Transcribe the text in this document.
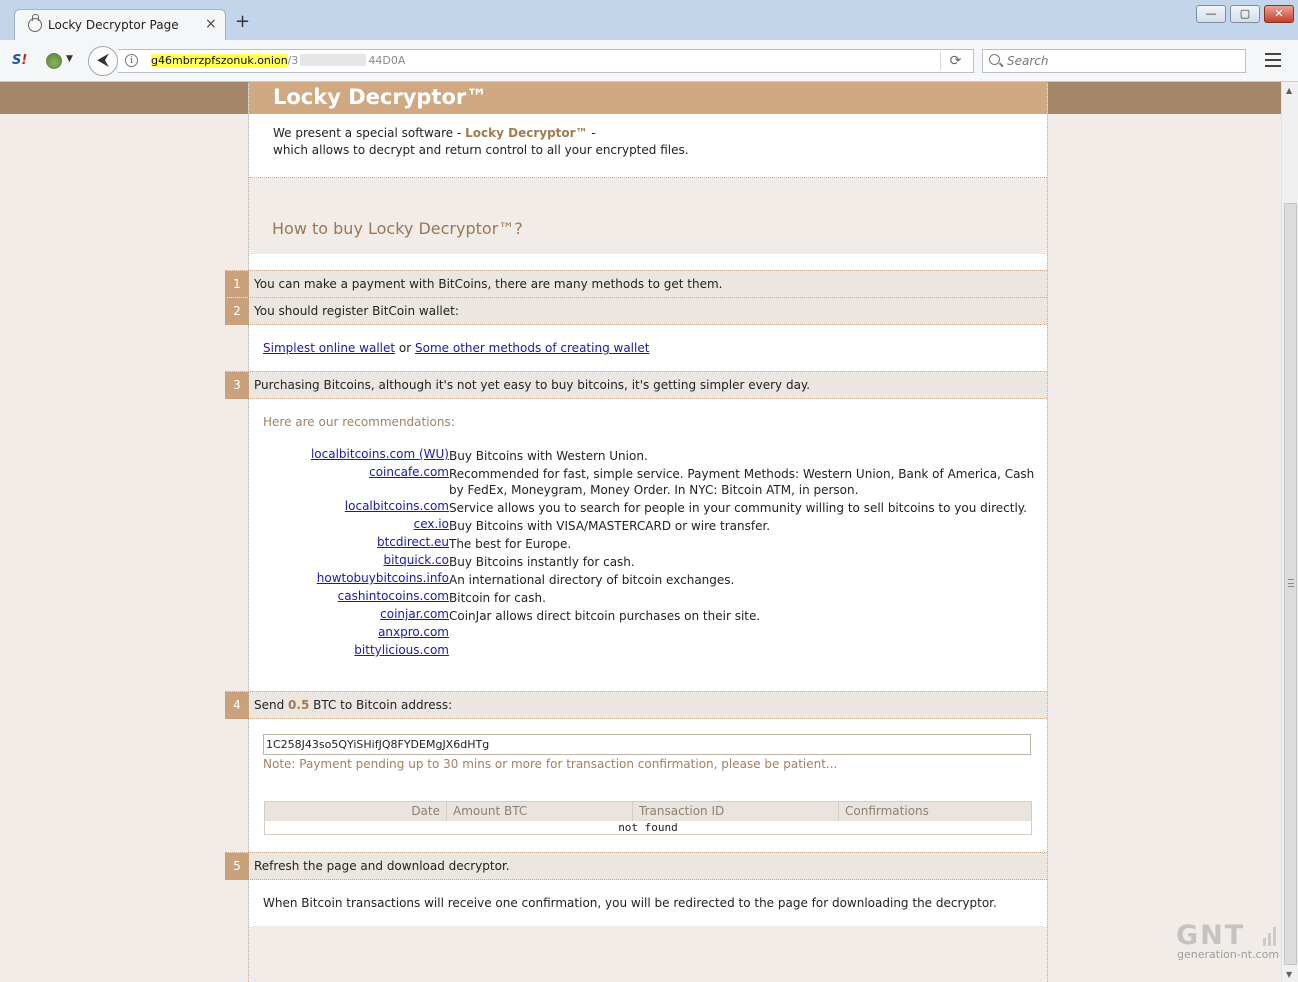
Locky Decryptor Page × +	—	▢	✕
S!	▼	⮜	i	g46mbrrzpfszonuk.onion/3	44D0A	⟳
Search
Locky Decryptor™
We present a special software - Locky Decryptor™ -
which allows to decrypt and return control to all your encrypted files.
How to buy Locky Decryptor™?
1	You can make a payment with BitCoins, there are many methods to get them.
2	You should register BitCoin wallet:
Simplest online wallet or Some other methods of creating wallet
3	Purchasing Bitcoins, although it's not yet easy to buy bitcoins, it's getting simpler every day.
Here are our recommendations:
localbitcoins.com (WU) Buy Bitcoins with Western Union.
coincafe.com Recommended for fast, simple service. Payment Methods: Western Union, Bank of America, Cash by FedEx, Moneygram, Money Order. In NYC: Bitcoin ATM, in person.
localbitcoins.com Service allows you to search for people in your community willing to sell bitcoins to you directly.
cex.io Buy Bitcoins with VISA/MASTERCARD or wire transfer.
btcdirect.eu The best for Europe.
bitquick.co Buy Bitcoins instantly for cash.
howtobuybitcoins.info An international directory of bitcoin exchanges.
cashintocoins.com Bitcoin for cash.
coinjar.com CoinJar allows direct bitcoin purchases on their site.
anxpro.com
bittylicious.com
4	Send 0.5 BTC to Bitcoin address:
1C258J43so5QYiSHifJQ8FYDEMgJX6dHTg
Note: Payment pending up to 30 mins or more for transaction confirmation, please be patient...
Date	Amount BTC	Transaction ID	Confirmations
not found
5	Refresh the page and download decryptor.
When Bitcoin transactions will receive one confirmation, you will be redirected to the page for downloading the decryptor.
▲
▼
GNT
generation-nt.com
